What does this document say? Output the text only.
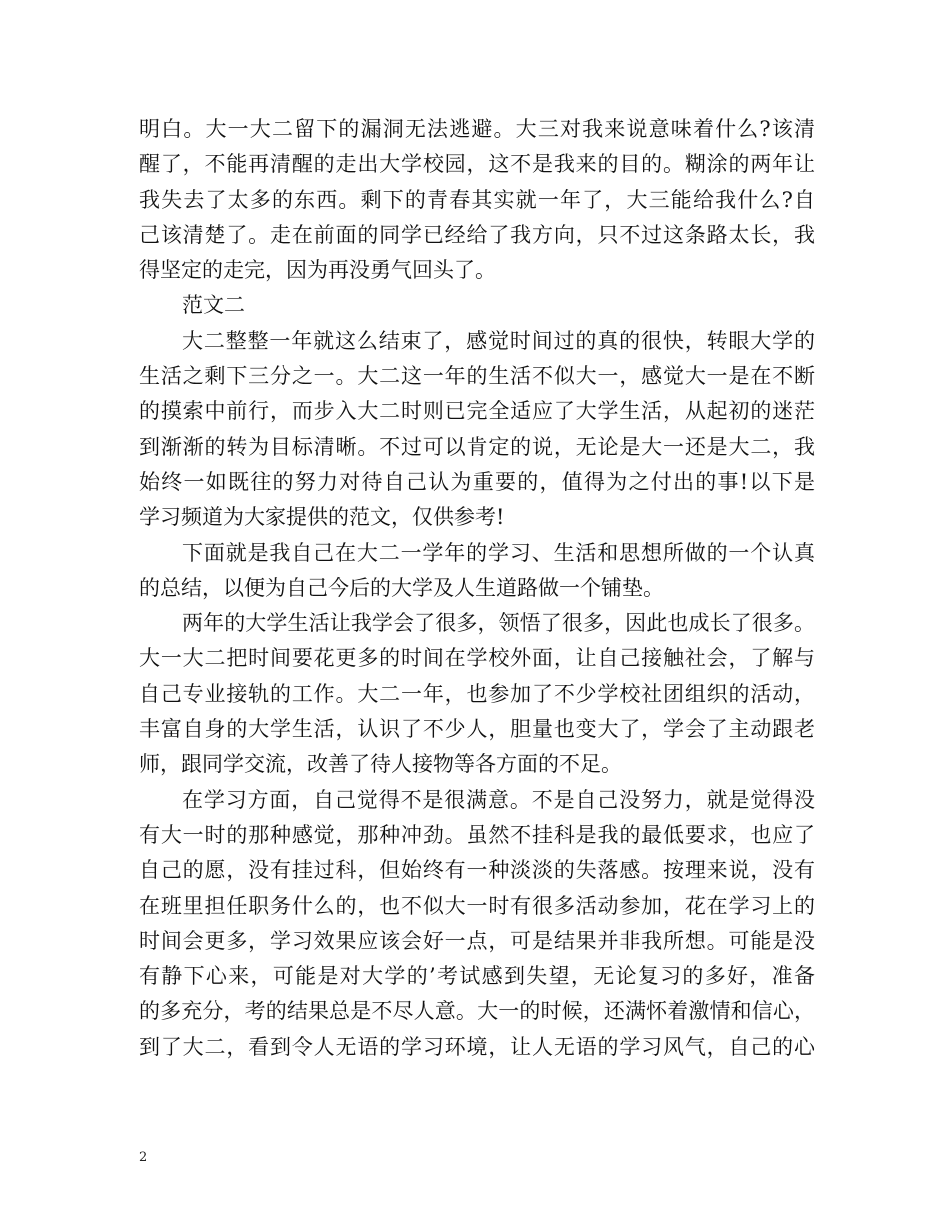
明白。大一大二留下的漏洞无法逃避。大三对我来说意味着什么?该清
醒了，不能再清醒的走出大学校园，这不是我来的目的。糊涂的两年让
我失去了太多的东西。剩下的青春其实就一年了，大三能给我什么?自
己该清楚了。走在前面的同学已经给了我方向，只不过这条路太长，我
得坚定的走完，因为再没勇气回头了。
范文二
大二整整一年就这么结束了，感觉时间过的真的很快，转眼大学的
生活之剩下三分之一。大二这一年的生活不似大一，感觉大一是在不断
的摸索中前行，而步入大二时则已完全适应了大学生活，从起初的迷茫
到渐渐的转为目标清晰。不过可以肯定的说，无论是大一还是大二，我
始终一如既往的努力对待自己认为重要的，值得为之付出的事!以下是
学习频道为大家提供的范文，仅供参考!
下面就是我自己在大二一学年的学习、生活和思想所做的一个认真
的总结，以便为自己今后的大学及人生道路做一个铺垫。
两年的大学生活让我学会了很多，领悟了很多，因此也成长了很多。
大一大二把时间要花更多的时间在学校外面，让自己接触社会，了解与
自己专业接轨的工作。大二一年，也参加了不少学校社团组织的活动，
丰富自身的大学生活，认识了不少人，胆量也变大了，学会了主动跟老
师，跟同学交流，改善了待人接物等各方面的不足。
在学习方面，自己觉得不是很满意。不是自己没努力，就是觉得没
有大一时的那种感觉，那种冲劲。虽然不挂科是我的最低要求，也应了
自己的愿，没有挂过科，但始终有一种淡淡的失落感。按理来说，没有
在班里担任职务什么的，也不似大一时有很多活动参加，花在学习上的
时间会更多，学习效果应该会好一点，可是结果并非我所想。可能是没
有静下心来，可能是对大学的’考试感到失望，无论复习的多好，准备
的多充分，考的结果总是不尽人意。大一的时候，还满怀着激情和信心，
到了大二，看到令人无语的学习环境，让人无语的学习风气，自己的心
2
